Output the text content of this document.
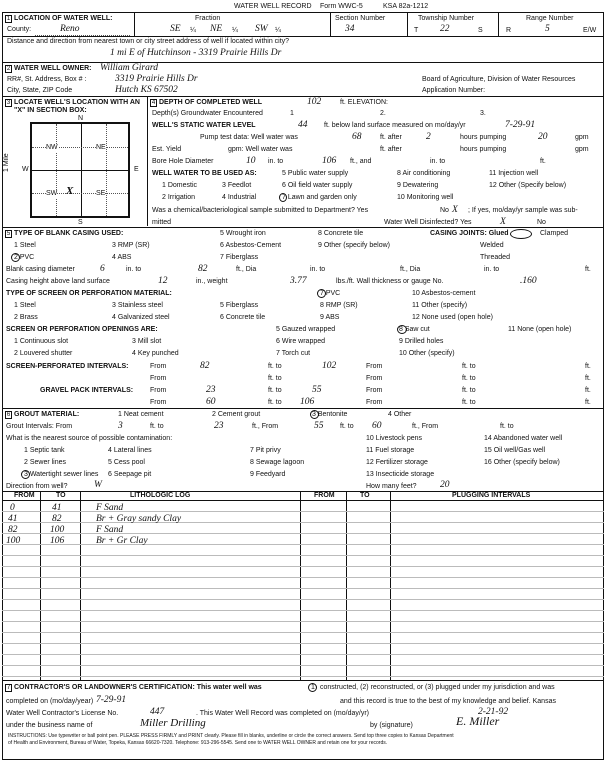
WATER WELL RECORD Form WWC-5	KSA 82a-1212
1 LOCATION OF WATER WELL:
County:	Reno
Fraction
SE ¼ NE ¼ SW ¼
Section Number
34
Township Number
T 22	S
Range Number
R	5	E/W
Distance and direction from nearest town or city street address of well if located within city?
1 mi E of Hutchinson - 3319 Prairie Hills Dr
2 WATER WELL OWNER: William Girard
RR#, St. Address, Box # :	3319 Prairie Hills Dr	Board of Agriculture, Division of Water Resources
City, State, ZIP Code	Hutch KS 67502	Application Number:
3 LOCATE WELL'S LOCATION WITH AN "X" IN SECTION BOX:
NW	NE
SW	SE
X
N
S
W	E
1 Mile
4 DEPTH OF COMPLETED WELL	102	ft. ELEVATION:
Depth(s) Groundwater Encountered	1	2.	3.
WELL'S STATIC WATER LEVEL	44 ft. below land surface measured on mo/day/yr	7-29-91
Pump test data: Well water was	68	ft. after	2	hours pumping	20	gpm
Est. Yield	gpm: Well water was	ft. after	hours pumping	gpm
Bore Hole Diameter	10 in. to	106 ft., and	in. to	ft.
WELL WATER TO BE USED AS:	5 Public water supply	8 Air conditioning	11 Injection well
1 Domestic	3 Feedlot	6 Oil field water supply	9 Dewatering	12 Other (Specify below)
2 Irrigation	4 Industrial	7 Lawn and garden only	10 Monitoring well
Was a chemical/bacteriological sample submitted to Department? Yes	No X ; If yes, mo/day/yr sample was sub-
mitted	Water Well Disinfected? Yes	X	No
5 TYPE OF BLANK CASING USED:
1 Steel	3 RMP (SR)
5 Wrought iron	8 Concrete tile
2 PVC	4 ABS
6 Asbestos-Cement
7 Fiberglass
9 Other (specify below)
CASING JOINTS: Glued	Clamped
Welded
Threaded
Blank casing diameter	6	in. to	82	ft., Dia	in. to	ft., Dia	in. to	ft.
Casing height above land surface	12	in., weight	3.77	lbs./ft. Wall thickness or gauge No.	.160
TYPE OF SCREEN OR PERFORATION MATERIAL:	7 PVC	10 Asbestos-cement
1 Steel	3 Stainless steel	5 Fiberglass	8 RMP (SR)	11 Other (specify)
2 Brass	4 Galvanized steel	6 Concrete tile	9 ABS	12 None used (open hole)
SCREEN OR PERFORATION OPENINGS ARE:	5 Gauzed wrapped	8 Saw cut	11 None (open hole)
1 Continuous slot	3 Mill slot	6 Wire wrapped	9 Drilled holes
2 Louvered shutter	4 Key punched	7 Torch cut	10 Other (specify)
SCREEN-PERFORATED INTERVALS:	From	82	ft. to	102	From	ft. to	ft.
From	ft. to	From	ft. to	ft.
GRAVEL PACK INTERVALS: From	23	ft. to	55	From	ft. to	ft.
From	60	ft. to 106	From	ft. to	ft.
6 GROUT MATERIAL:	1 Neat cement	2 Cement grout	3 Bentonite	4 Other
Grout Intervals: From	3	ft. to	23	ft., From	55 ft. to 60	ft., From	ft. to
What is the nearest source of possible contamination:
1 Septic tank	4 Lateral lines	7 Pit privy
10 Livestock pens	14 Abandoned water well
2 Sewer lines	5 Cess pool	8 Sewage lagoon
11 Fuel storage	15 Oil well/Gas well
3 Watertight sewer lines 6 Seepage pit	9 Feedyard
12 Fertilizer storage	16 Other (specify below)
13 Insecticide storage
Direction from well?	W	How many feet? 20
FROM	TO	LITHOLOGIC LOG	FROM	TO	PLUGGING INTERVALS
0	41	F Sand
41	82	Br + Gray sandy Clay
82	100	F Sand
100	106	Br + Gr Clay
7 CONTRACTOR'S OR LANDOWNER'S CERTIFICATION: This water well was	1 constructed, (2) reconstructed, or (3) plugged under my jurisdiction and was
completed on (mo/day/year) 7-29-91	and this record is true to the best of my knowledge and belief. Kansas
Water Well Contractor's License No.	447	. This Water Well Record was completed on (mo/day/yr)	2-21-92
under the business name of	Miller Drilling	by (signature)	E. Miller
INSTRUCTIONS: Use typewriter or ball point pen. PLEASE PRESS FIRMLY and PRINT clearly. Please fill in blanks, underline or circle the correct answers. Send top three copies to Kansas Department
of Health and Environment, Bureau of Water, Topeka, Kansas 66620-7320. Telephone: 913-296-5545. Send one to WATER WELL OWNER and retain one for your records.
